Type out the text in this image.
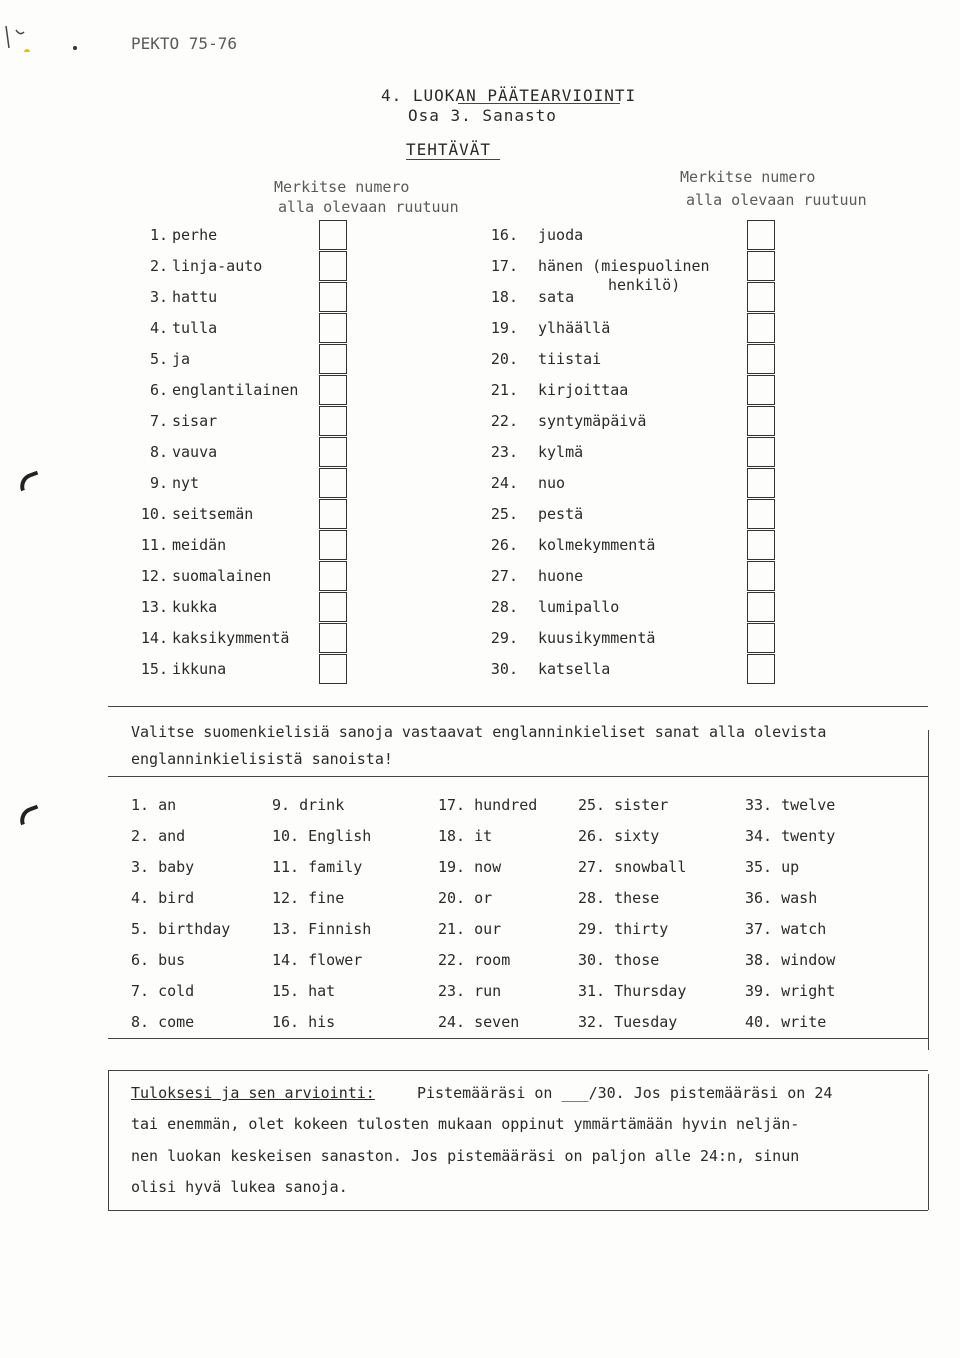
PEKTO 75-76
4. LUOKAN PÄÄTEARVIOINTI
Osa 3. Sanasto
TEHTÄVÄT
Merkitse numero
alla olevaan ruutuun
Merkitse numero
alla olevaan ruutuun
1. perhe
2. linja-auto
3. hattu
4. tulla
5. ja
6. englantilainen
7. sisar
8. vauva
9. nyt
10. seitsemän
11. meidän
12. suomalainen
13. kukka
14. kaksikymmentä
15. ikkuna
16. juoda
17. hänen (miespuolinen
18. sata
19. ylhäällä
20. tiistai
21. kirjoittaa
22. syntymäpäivä
23. kylmä
24. nuo
25. pestä
26. kolmekymmentä
27. huone
28. lumipallo
29. kuusikymmentä
30. katsella
henkilö)
Valitse suomenkielisiä sanoja vastaavat englanninkieliset sanat alla olevista
englanninkielisistä sanoista!
1. an
2. and
3. baby
4. bird
5. birthday
6. bus
7. cold
8. come
9. drink
10. English
11. family
12. fine
13. Finnish
14. flower
15. hat
16. his
17. hundred
18. it
19. now
20. or
21. our
22. room
23. run
24. seven
25. sister
26. sixty
27. snowball
28. these
29. thirty
30. those
31. Thursday
32. Tuesday
33. twelve
34. twenty
35. up
36. wash
37. watch
38. window
39. wright
40. write
Tuloksesi ja sen arviointi:	Pistemääräsi on ___/30. Jos pistemääräsi on 24
tai enemmän, olet kokeen tulosten mukaan oppinut ymmärtämään hyvin neljän-
nen luokan keskeisen sanaston. Jos pistemääräsi on paljon alle 24:n, sinun
olisi hyvä lukea sanoja.
